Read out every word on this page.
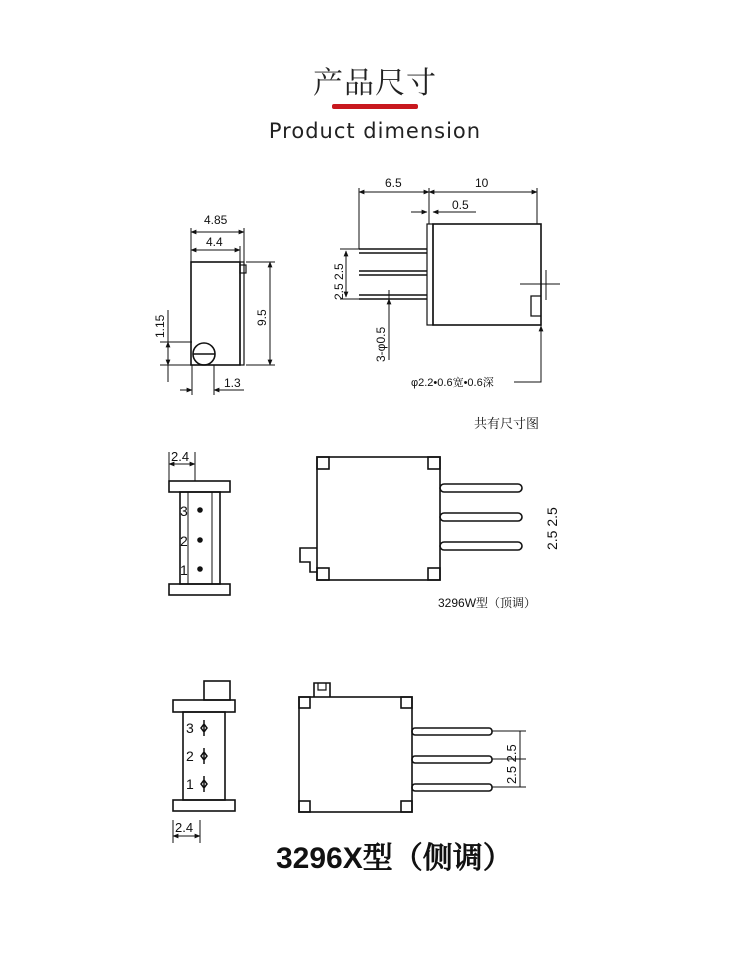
产品尺寸
Product dimension
4.85
4.4
9.5
1.15
1.3
6.5	10
0.5
2.5 2.5
3-φ0.5
φ2.2•0.6宽•0.6深
共有尺寸图
2.4
3
2
1
2.5 2.5
3296W型（顶调）
3
2
1
2.4
2.5 2.5
3296X型（侧调）
